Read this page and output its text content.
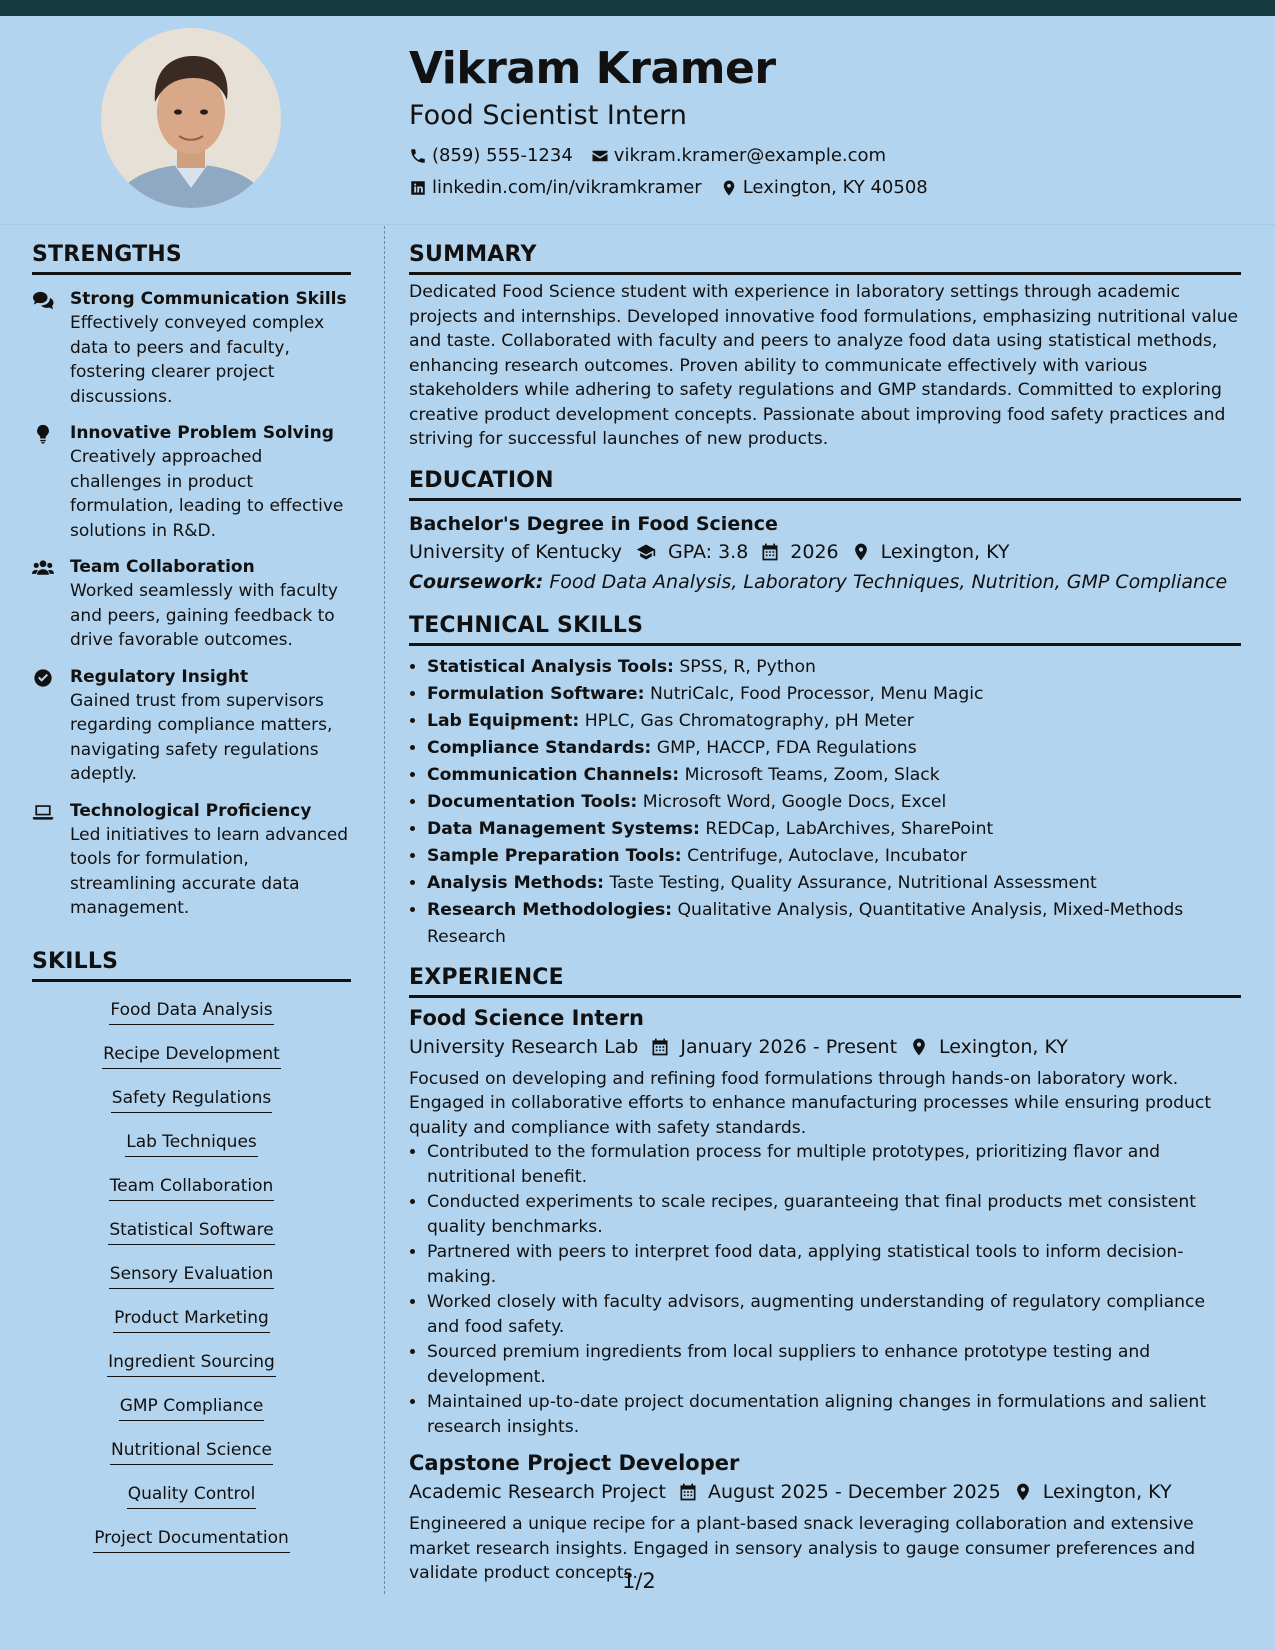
Vikram Kramer
Food Scientist Intern
(859) 555-1234 vikram.kramer@example.com
linkedin.com/in/vikramkramer Lexington, KY 40508
STRENGTHS
Strong Communication Skills
Effectively conveyed complex data to peers and faculty, fostering clearer project discussions.
Innovative Problem Solving
Creatively approached challenges in product formulation, leading to effective solutions in R&D.
Team Collaboration
Worked seamlessly with faculty and peers, gaining feedback to drive favorable outcomes.
Regulatory Insight
Gained trust from supervisors regarding compliance matters, navigating safety regulations adeptly.
Technological Proficiency
Led initiatives to learn advanced tools for formulation, streamlining accurate data management.
SKILLS
Food Data Analysis
Recipe Development
Safety Regulations
Lab Techniques
Team Collaboration
Statistical Software
Sensory Evaluation
Product Marketing
Ingredient Sourcing
GMP Compliance
Nutritional Science
Quality Control
Project Documentation
SUMMARY

Dedicated Food Science student with experience in laboratory settings through academic projects and internships. Developed innovative food formulations, emphasizing nutritional value and taste. Collaborated with faculty and peers to analyze food data using statistical methods, enhancing research outcomes. Proven ability to communicate effectively with various stakeholders while adhering to safety regulations and GMP standards. Committed to exploring creative product development concepts. Passionate about improving food safety practices and striving for successful launches of new products.

EDUCATION
Bachelor's Degree in Food Science
University of Kentucky GPA: 3.8 2026 Lexington, KY
Coursework: Food Data Analysis, Laboratory Techniques, Nutrition, GMP Compliance
TECHNICAL SKILLS
• Statistical Analysis Tools: SPSS, R, Python
• Formulation Software: NutriCalc, Food Processor, Menu Magic
• Lab Equipment: HPLC, Gas Chromatography, pH Meter
• Compliance Standards: GMP, HACCP, FDA Regulations
• Communication Channels: Microsoft Teams, Zoom, Slack
• Documentation Tools: Microsoft Word, Google Docs, Excel
• Data Management Systems: REDCap, LabArchives, SharePoint
• Sample Preparation Tools: Centrifuge, Autoclave, Incubator
• Analysis Methods: Taste Testing, Quality Assurance, Nutritional Assessment
• Research Methodologies: Qualitative Analysis, Quantitative Analysis, Mixed-Methods Research
EXPERIENCE
Food Science Intern
University Research Lab January 2026 - Present Lexington, KY

Focused on developing and refining food formulations through hands-on laboratory work. Engaged in collaborative efforts to enhance manufacturing processes while ensuring product quality and compliance with safety standards.

• Contributed to the formulation process for multiple prototypes, prioritizing flavor and nutritional benefit.
• Conducted experiments to scale recipes, guaranteeing that final products met consistent quality benchmarks.
• Partnered with peers to interpret food data, applying statistical tools to inform decision-making.
• Worked closely with faculty advisors, augmenting understanding of regulatory compliance and food safety.
• Sourced premium ingredients from local suppliers to enhance prototype testing and development.
• Maintained up-to-date project documentation aligning changes in formulations and salient research insights.
Capstone Project Developer
Academic Research Project August 2025 - December 2025 Lexington, KY

Engineered a unique recipe for a plant-based snack leveraging collaboration and extensive market research insights. Engaged in sensory analysis to gauge consumer preferences and validate product concepts.

1/2
